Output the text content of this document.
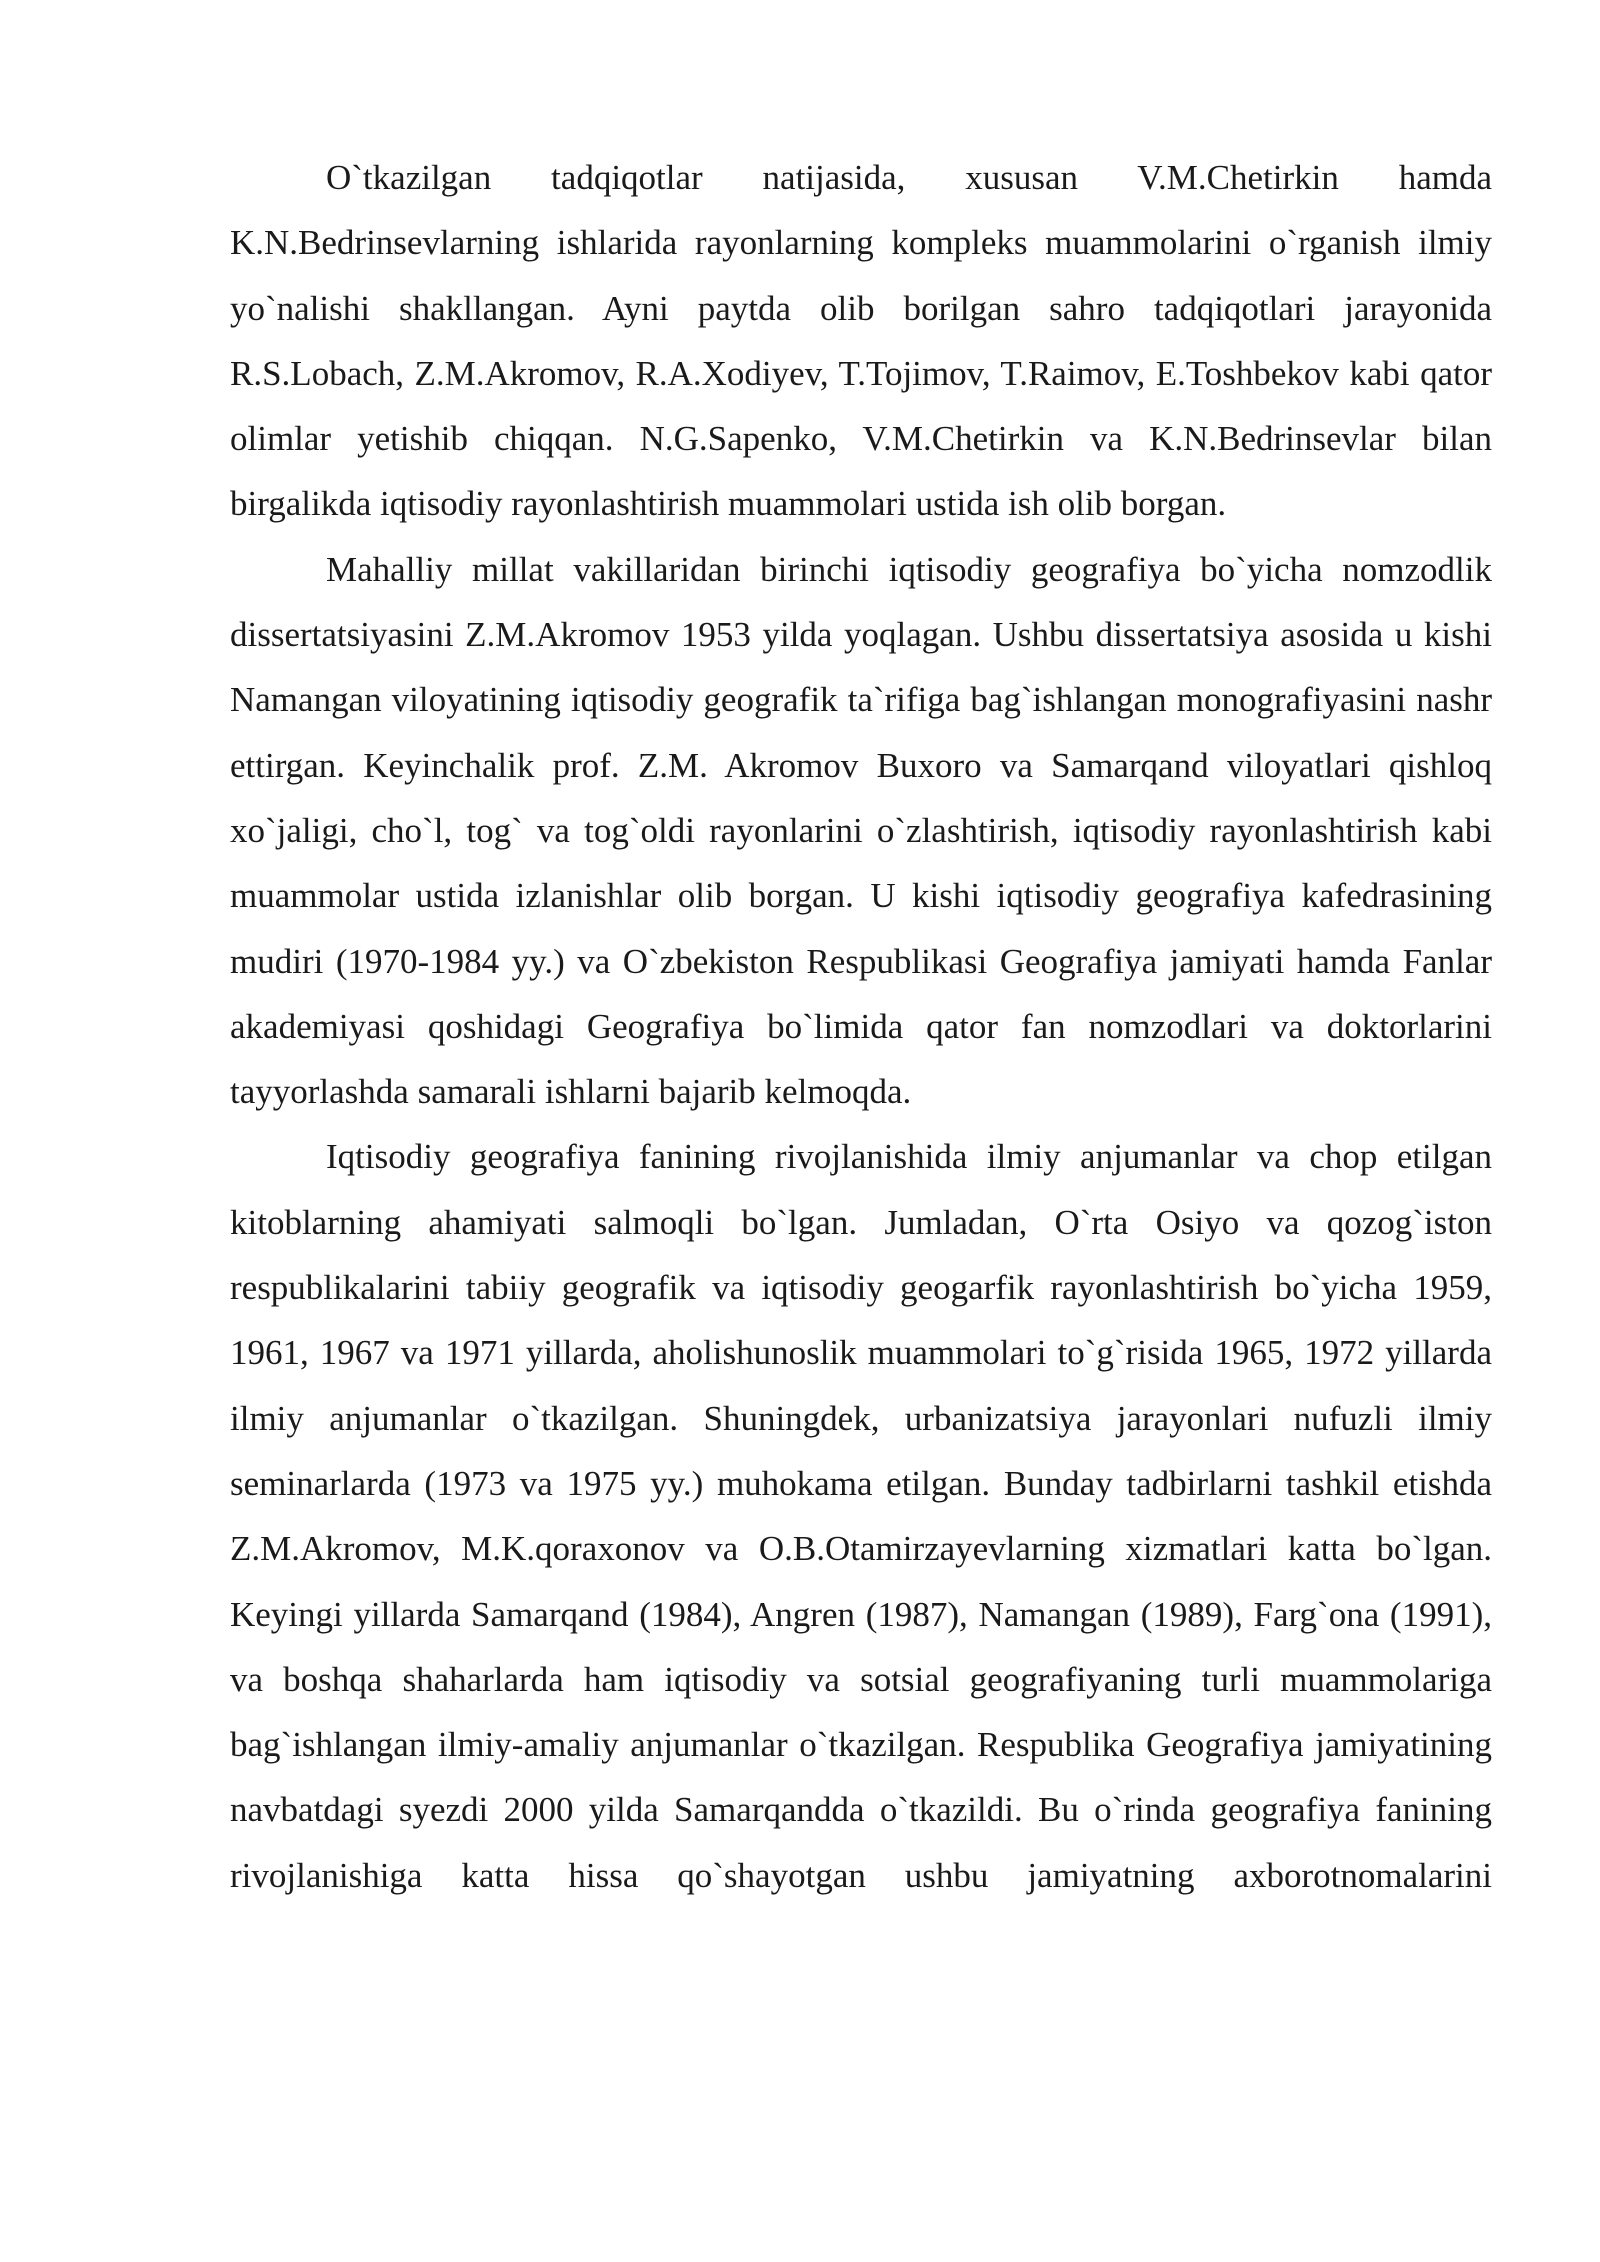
O`tkazilgan tadqiqotlar natijasida, xususan V.M.Chetirkin hamda K.N.Bedrinsevlarning ishlarida rayonlarning kompleks muammolarini o`rganish ilmiy yo`nalishi shakllangan. Ayni paytda olib borilgan sahro tadqiqotlari jarayonida R.S.Lobach, Z.M.Akromov, R.A.Xodiyev, T.Tojimov, T.Raimov, E.Toshbekov kabi qator olimlar yetishib chiqqan. N.G.Sapenko, V.M.Chetirkin va K.N.Bedrinsevlar bilan birgalikda iqtisodiy rayonlashtirish muammolari ustida ish olib borgan.

Mahalliy millat vakillaridan birinchi iqtisodiy geografiya bo`yicha nomzodlik dissertatsiyasini Z.M.Akromov 1953 yilda yoqlagan. Ushbu dissertatsiya asosida u kishi Namangan viloyatining iqtisodiy geografik ta`rifiga bag`ishlangan monografiyasini nashr ettirgan. Keyinchalik prof. Z.M. Akromov Buxoro va Samarqand viloyatlari qishloq xo`jaligi, cho`l, tog` va tog`oldi rayonlarini o`zlashtirish, iqtisodiy rayonlashtirish kabi muammolar ustida izlanishlar olib borgan. U kishi iqtisodiy geografiya kafedrasining mudiri (1970-1984 yy.) va O`zbekiston Respublikasi Geografiya jamiyati hamda Fanlar akademiyasi qoshidagi Geografiya bo`limida qator fan nomzodlari va doktorlarini tayyorlashda samarali ishlarni bajarib kelmoqda.

Iqtisodiy geografiya fanining rivojlanishida ilmiy anjumanlar va chop etilgan kitoblarning ahamiyati salmoqli bo`lgan. Jumladan, O`rta Osiyo va qozog`iston respublikalarini tabiiy geografik va iqtisodiy geogarfik rayonlashtirish bo`yicha 1959, 1961, 1967 va 1971 yillarda, aholishunoslik muammolari to`g`risida 1965, 1972 yillarda ilmiy anjumanlar o`tkazilgan. Shuningdek, urbanizatsiya jarayonlari nufuzli ilmiy seminarlarda (1973 va 1975 yy.) muhokama etilgan. Bunday tadbirlarni tashkil etishda Z.M.Akromov, M.K.qoraxonov va O.B.Otamirzayevlarning xizmatlari katta bo`lgan. Keyingi yillarda Samarqand (1984), Angren (1987), Namangan (1989), Farg`ona (1991), va boshqa shaharlarda ham iqtisodiy va sotsial geografiyaning turli muammolariga bag`ishlangan ilmiy-amaliy anjumanlar o`tkazilgan. Respublika Geografiya jamiyatining navbatdagi syezdi 2000 yilda Samarqandda o`tkazildi. Bu o`rinda geografiya fanining rivojlanishiga katta hissa qo`shayotgan ushbu jamiyatning axborotnomalarini
